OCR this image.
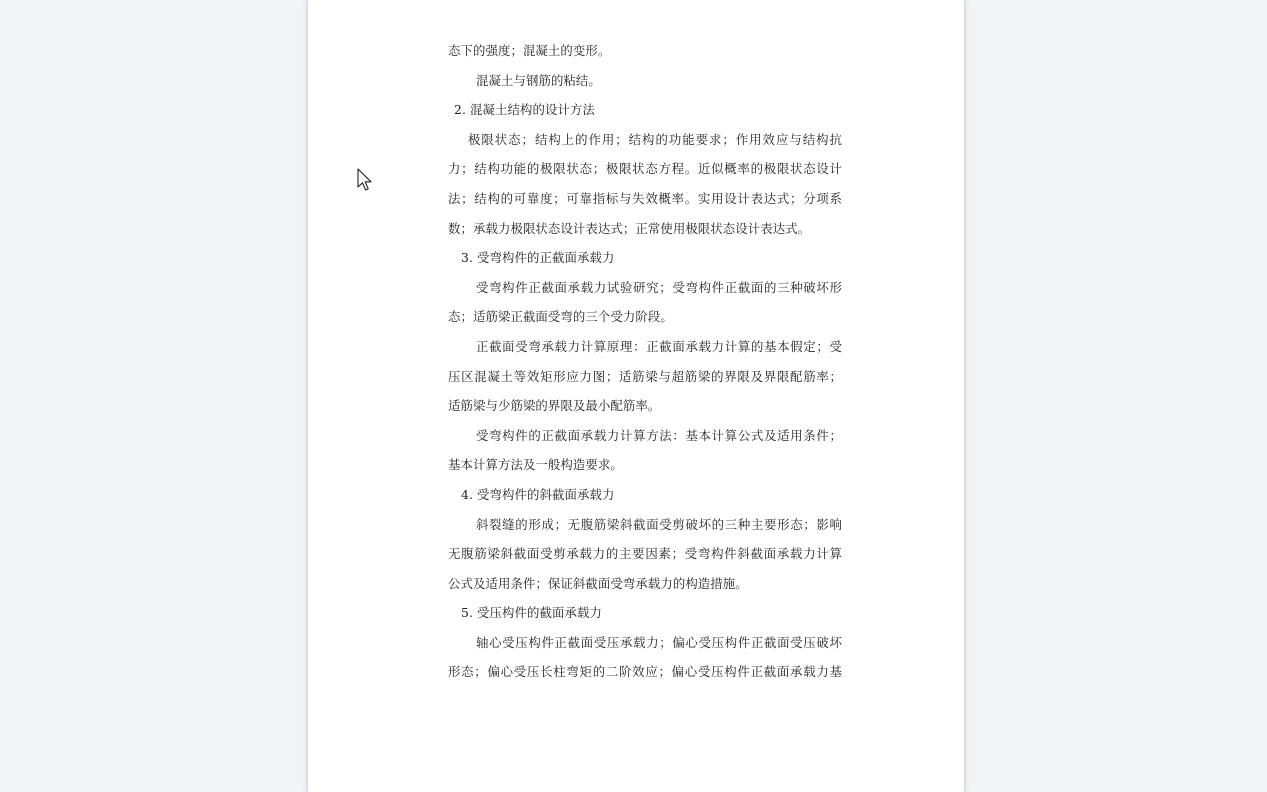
态下的强度；混凝土的变形。
混凝土与钢筋的粘结。
2. 混凝土结构的设计方法
极限状态；结构上的作用；结构的功能要求；作用效应与结构抗
力；结构功能的极限状态；极限状态方程。近似概率的极限状态设计
法；结构的可靠度；可靠指标与失效概率。实用设计表达式；分项系
数；承载力极限状态设计表达式；正常使用极限状态设计表达式。
3. 受弯构件的正截面承载力
受弯构件正截面承载力试验研究；受弯构件正截面的三种破坏形
态；适筋梁正截面受弯的三个受力阶段。
正截面受弯承载力计算原理：正截面承载力计算的基本假定；受
压区混凝土等效矩形应力图；适筋梁与超筋梁的界限及界限配筋率；
适筋梁与少筋梁的界限及最小配筋率。
受弯构件的正截面承载力计算方法：基本计算公式及适用条件；
基本计算方法及一般构造要求。
4. 受弯构件的斜截面承载力
斜裂缝的形成；无腹筋梁斜截面受剪破坏的三种主要形态；影响
无腹筋梁斜截面受剪承载力的主要因素；受弯构件斜截面承载力计算
公式及适用条件；保证斜截面受弯承载力的构造措施。
5. 受压构件的截面承载力
轴心受压构件正截面受压承载力；偏心受压构件正截面受压破坏
形态；偏心受压长柱弯矩的二阶效应；偏心受压构件正截面承载力基
